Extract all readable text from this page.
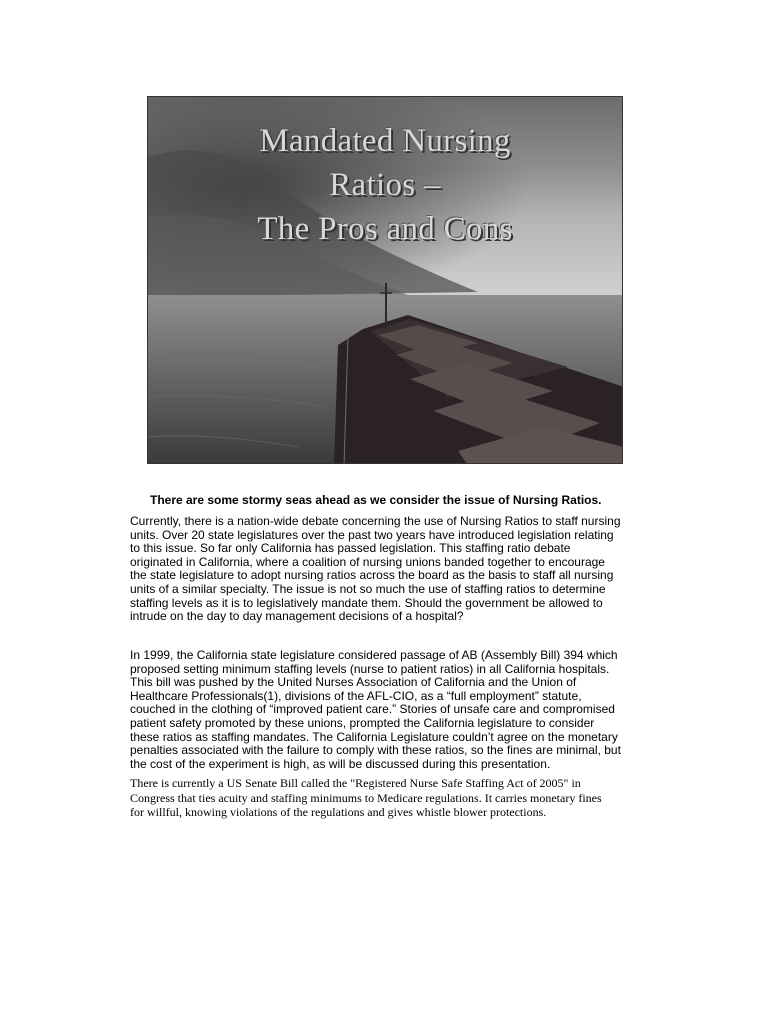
Mandated Nursing
Ratios –
The Pros and Cons
There are some stormy seas ahead as we consider the issue of Nursing Ratios.
Currently, there is a nation-wide debate concerning the use of Nursing Ratios to staff nursing
units. Over 20 state legislatures over the past two years have introduced legislation relating
to this issue. So far only California has passed legislation. This staffing ratio debate
originated in California, where a coalition of nursing unions banded together to encourage
the state legislature to adopt nursing ratios across the board as the basis to staff all nursing
units of a similar specialty. The issue is not so much the use of staffing ratios to determine
staffing levels as it is to legislatively mandate them. Should the government be allowed to
intrude on the day to day management decisions of a hospital?
In 1999, the California state legislature considered passage of AB (Assembly Bill) 394 which
proposed setting minimum staffing levels (nurse to patient ratios) in all California hospitals.
This bill was pushed by the United Nurses Association of California and the Union of
Healthcare Professionals(1), divisions of the AFL-CIO, as a “full employment” statute,
couched in the clothing of “improved patient care.” Stories of unsafe care and compromised
patient safety promoted by these unions, prompted the California legislature to consider
these ratios as staffing mandates. The California Legislature couldn’t agree on the monetary
penalties associated with the failure to comply with these ratios, so the fines are minimal, but
the cost of the experiment is high, as will be discussed during this presentation.
There is currently a US Senate Bill called the "Registered Nurse Safe Staffing Act of 2005" in
Congress that ties acuity and staffing minimums to Medicare regulations. It carries monetary fines
for willful, knowing violations of the regulations and gives whistle blower protections.
